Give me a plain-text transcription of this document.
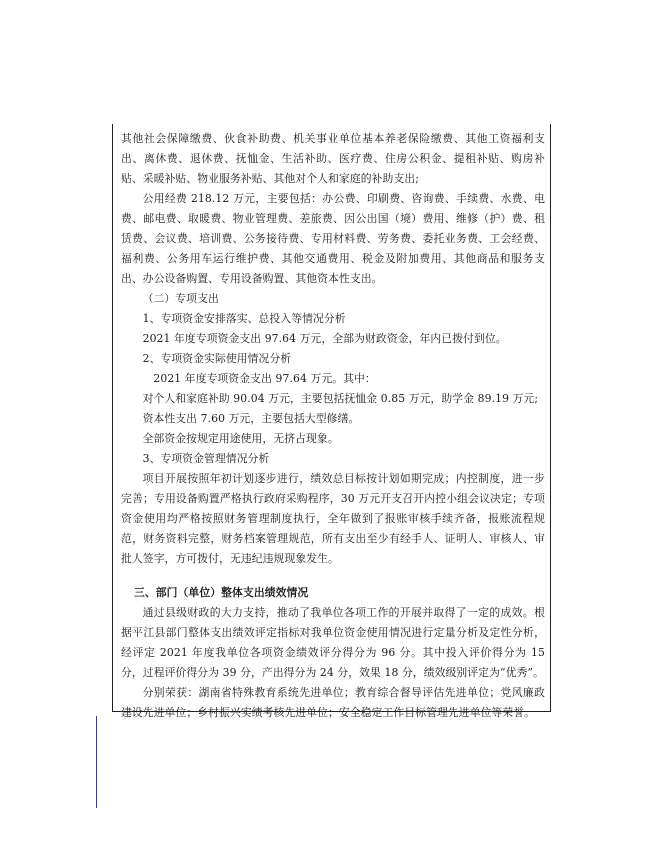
其他社会保障缴费、伙食补助费、机关事业单位基本养老保险缴费、其他工资福利支出、离休费、退休费、抚恤金、生活补助、医疗费、住房公积金、提租补贴、购房补贴、采暖补贴、物业服务补贴、其他对个人和家庭的补助支出;

公用经费 218.12 万元，主要包括：办公费、印刷费、咨询费、手续费、水费、电费、邮电费、取暖费、物业管理费、差旅费、因公出国（境）费用、维修（护）费、租赁费、会议费、培训费、公务接待费、专用材料费、劳务费、委托业务费、工会经费、福利费、公务用车运行维护费、其他交通费用、税金及附加费用、其他商品和服务支出、办公设备购置、专用设备购置、其他资本性支出。

（二）专项支出

1、专项资金安排落实、总投入等情况分析

2021 年度专项资金支出 97.64 万元，全部为财政资金，年内已拨付到位。

2、专项资金实际使用情况分析

2021 年度专项资金支出 97.64 万元。其中：

对个人和家庭补助 90.04 万元，主要包括抚恤金 0.85 万元，助学金 89.19 万元;

资本性支出 7.60 万元，主要包括大型修缮。

全部资金按规定用途使用，无挤占现象。

3、专项资金管理情况分析

项目开展按照年初计划逐步进行，绩效总目标按计划如期完成；内控制度，进一步完善；专用设备购置严格执行政府采购程序，30 万元开支召开内控小组会议决定；专项资金使用均严格按照财务管理制度执行，全年做到了报账审核手续齐备，报账流程规范，财务资料完整，财务档案管理规范，所有支出至少有经手人、证明人、审核人、审批人签字，方可拨付，无违纪违规现象发生。

三、部门（单位）整体支出绩效情况

通过县级财政的大力支持，推动了我单位各项工作的开展并取得了一定的成效。根据平江县部门整体支出绩效评定指标对我单位资金使用情况进行定量分析及定性分析，经评定 2021 年度我单位各项资金绩效评分得分为 96 分。其中投入评价得分为 15 分，过程评价得分为 39 分，产出得分为 24 分，效果 18 分，绩效级别评定为“优秀”。

分别荣获：湖南省特殊教育系统先进单位；教育综合督导评估先进单位；党风廉政建设先进单位；乡村振兴实绩考核先进单位；安全稳定工作目标管理先进单位等荣誉。
